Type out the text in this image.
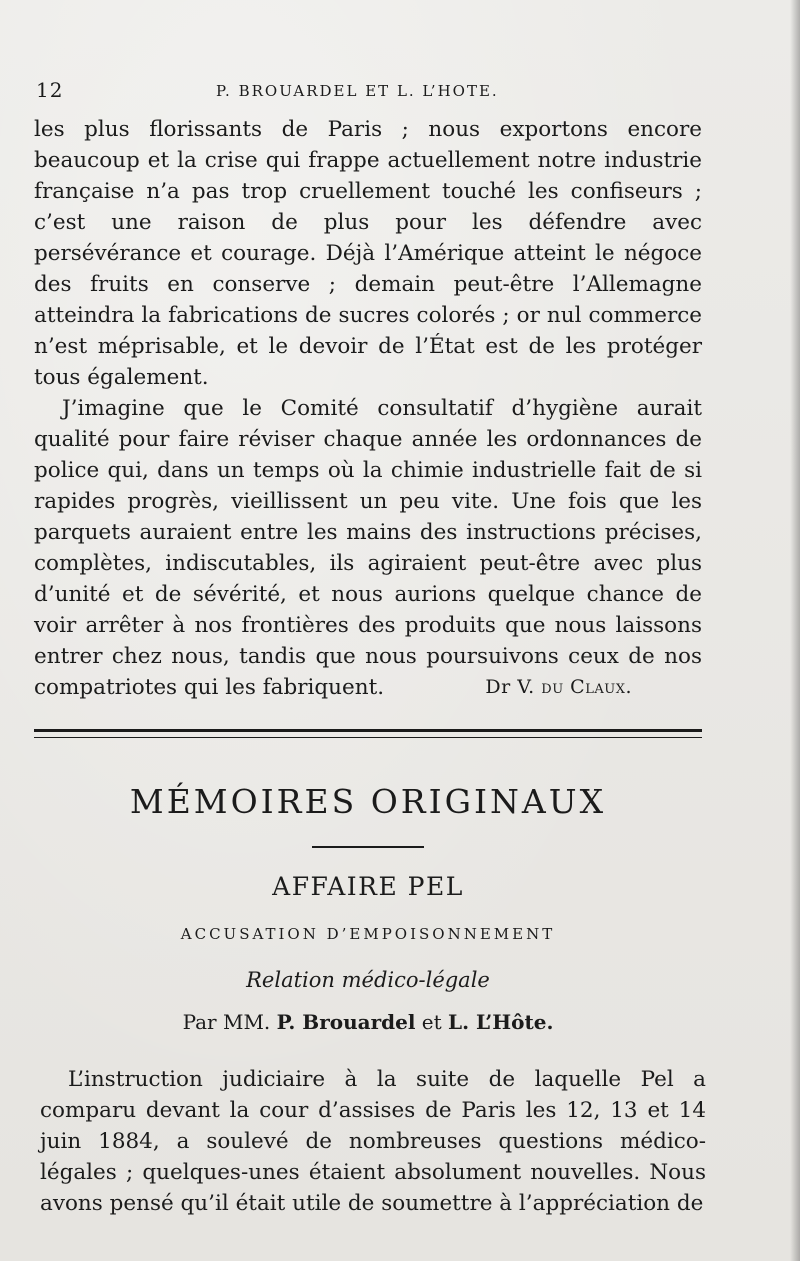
12	P. BROUARDEL ET L. L’HOTE.

les plus florissants de Paris ; nous exportons encore beaucoup et la crise qui frappe actuellement notre industrie française n’a pas trop cruellement touché les confiseurs ; c’est une raison de plus pour les défendre avec persévérance et courage. Déjà l’Amérique atteint le négoce des fruits en conserve ; demain peut-être l’Allemagne atteindra la fabrications de sucres colorés ; or nul commerce n’est méprisable, et le devoir de l’État est de les protéger tous également.

J’imagine que le Comité consultatif d’hygiène aurait qualité pour faire réviser chaque année les ordonnances de police qui, dans un temps où la chimie industrielle fait de si rapides progrès, vieillissent un peu vite. Une fois que les parquets auraient entre les mains des instructions précises, complètes, indiscutables, ils agiraient peut-être avec plus d’unité et de sévérité, et nous aurions quelque chance de voir arrêter à nos frontières des produits que nous laissons entrer chez nous, tandis que nous poursuivons ceux de nos compatriotes qui les fabriquent.	Dr V. du Claux.
MÉMOIRES ORIGINAUX
AFFAIRE PEL
ACCUSATION D’EMPOISONNEMENT
Relation médico-légale
Par MM. P. Brouardel et L. L’Hôte.

L’instruction judiciaire à la suite de laquelle Pel a comparu devant la cour d’assises de Paris les 12, 13 et 14 juin 1884, a soulevé de nombreuses questions médico-légales ; quelques-unes étaient absolument nouvelles. Nous avons pensé qu’il était utile de soumettre à l’appréciation de
